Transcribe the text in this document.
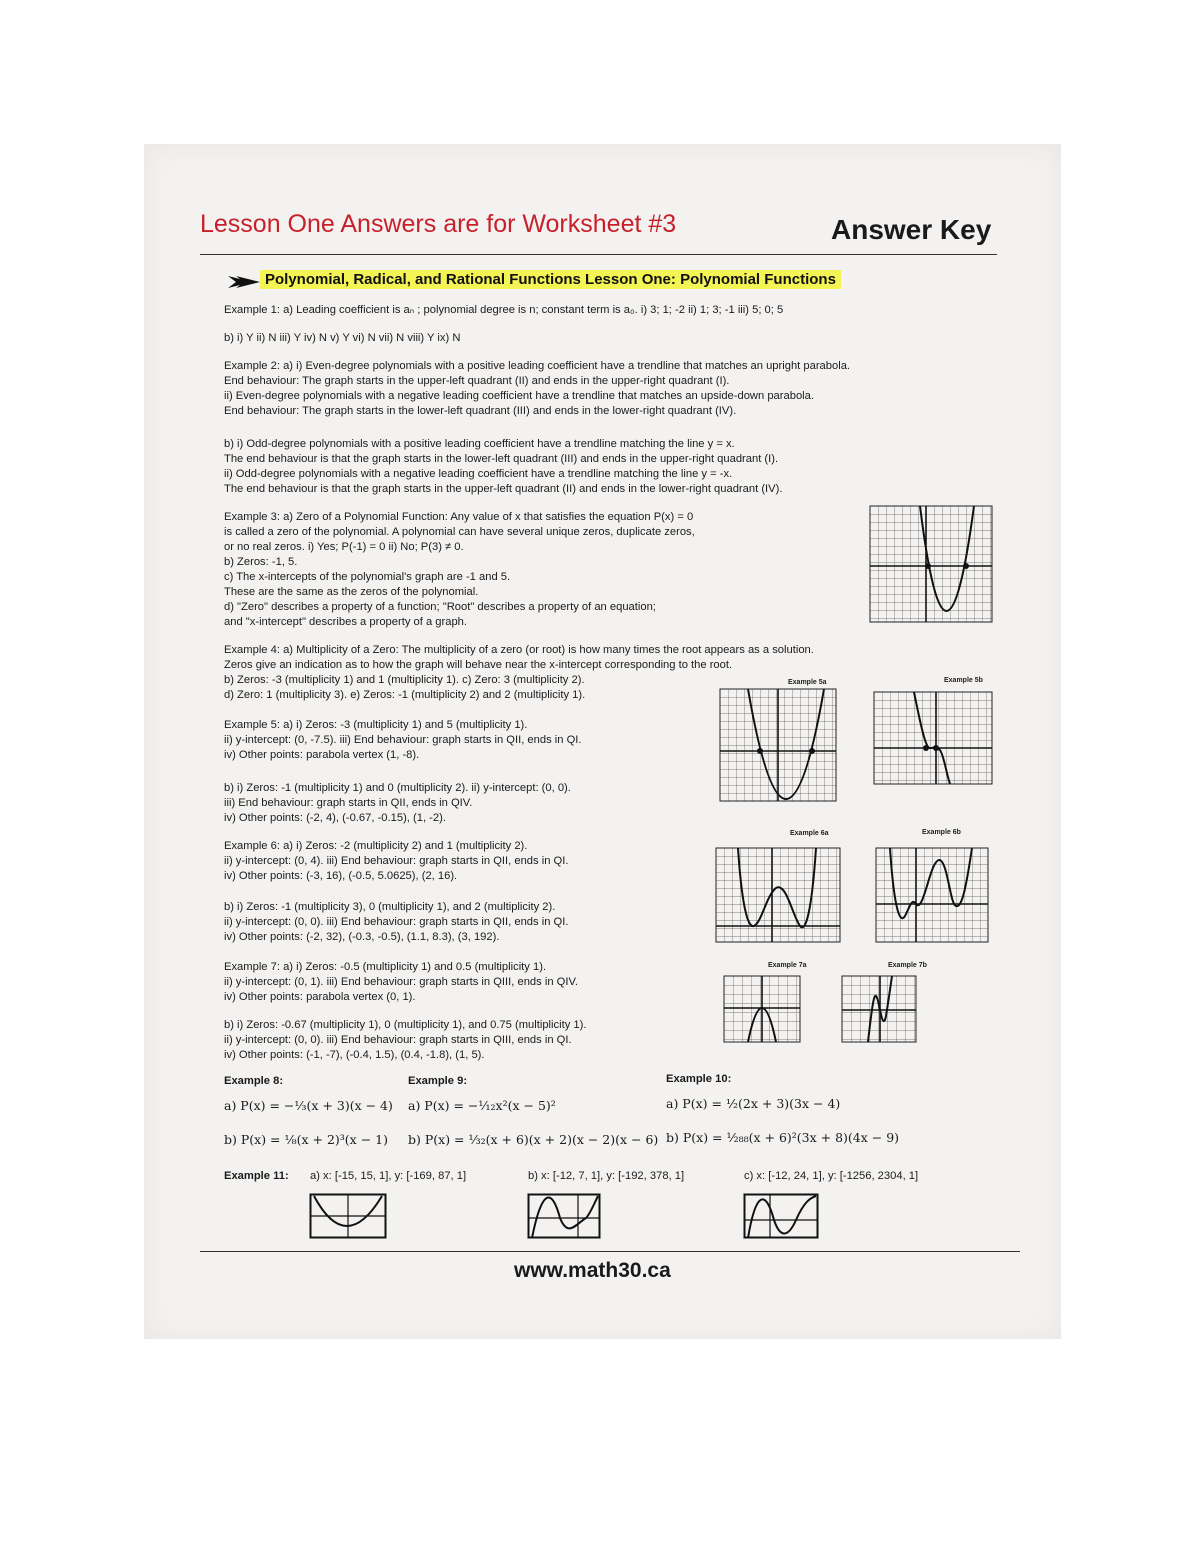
Lesson One Answers are for Worksheet #3	Answer Key
Polynomial, Radical, and Rational Functions Lesson One: Polynomial Functions
Example 1: a) Leading coefficient is aₙ ; polynomial degree is n; constant term is a₀. i) 3; 1; -2 ii) 1; 3; -1 iii) 5; 0; 5
b) i) Y ii) N iii) Y iv) N v) Y vi) N vii) N viii) Y ix) N
Example 2: a) i) Even-degree polynomials with a positive leading coefficient have a trendline that matches an upright parabola.
End behaviour: The graph starts in the upper-left quadrant (II) and ends in the upper-right quadrant (I).
ii) Even-degree polynomials with a negative leading coefficient have a trendline that matches an upside-down parabola.
End behaviour: The graph starts in the lower-left quadrant (III) and ends in the lower-right quadrant (IV).
b) i) Odd-degree polynomials with a positive leading coefficient have a trendline matching the line y = x.
The end behaviour is that the graph starts in the lower-left quadrant (III) and ends in the upper-right quadrant (I).
ii) Odd-degree polynomials with a negative leading coefficient have a trendline matching the line y = -x.
The end behaviour is that the graph starts in the upper-left quadrant (II) and ends in the lower-right quadrant (IV).
Example 3: a) Zero of a Polynomial Function: Any value of x that satisfies the equation P(x) = 0
is called a zero of the polynomial. A polynomial can have several unique zeros, duplicate zeros,
or no real zeros. i) Yes; P(-1) = 0 ii) No; P(3) ≠ 0.
b) Zeros: -1, 5.
c) The x-intercepts of the polynomial's graph are -1 and 5.
These are the same as the zeros of the polynomial.
d) "Zero" describes a property of a function; "Root" describes a property of an equation;
and "x-intercept" describes a property of a graph.
Example 4: a) Multiplicity of a Zero: The multiplicity of a zero (or root) is how many times the root appears as a solution.
Zeros give an indication as to how the graph will behave near the x-intercept corresponding to the root.
b) Zeros: -3 (multiplicity 1) and 1 (multiplicity 1). c) Zero: 3 (multiplicity 2).
d) Zero: 1 (multiplicity 3). e) Zeros: -1 (multiplicity 2) and 2 (multiplicity 1).
Example 5: a) i) Zeros: -3 (multiplicity 1) and 5 (multiplicity 1).
ii) y-intercept: (0, -7.5). iii) End behaviour: graph starts in QII, ends in QI.
iv) Other points: parabola vertex (1, -8).
b) i) Zeros: -1 (multiplicity 1) and 0 (multiplicity 2). ii) y-intercept: (0, 0).
iii) End behaviour: graph starts in QII, ends in QIV.
iv) Other points: (-2, 4), (-0.67, -0.15), (1, -2).
Example 6: a) i) Zeros: -2 (multiplicity 2) and 1 (multiplicity 2).
ii) y-intercept: (0, 4). iii) End behaviour: graph starts in QII, ends in QI.
iv) Other points: (-3, 16), (-0.5, 5.0625), (2, 16).
b) i) Zeros: -1 (multiplicity 3), 0 (multiplicity 1), and 2 (multiplicity 2).
ii) y-intercept: (0, 0). iii) End behaviour: graph starts in QII, ends in QI.
iv) Other points: (-2, 32), (-0.3, -0.5), (1.1, 8.3), (3, 192).
Example 7: a) i) Zeros: -0.5 (multiplicity 1) and 0.5 (multiplicity 1).
ii) y-intercept: (0, 1). iii) End behaviour: graph starts in QIII, ends in QIV.
iv) Other points: parabola vertex (0, 1).
b) i) Zeros: -0.67 (multiplicity 1), 0 (multiplicity 1), and 0.75 (multiplicity 1).
ii) y-intercept: (0, 0). iii) End behaviour: graph starts in QIII, ends in QI.
iv) Other points: (-1, -7), (-0.4, 1.5), (0.4, -1.8), (1, 5).
Example 8:
a) P(x) = −⅓(x + 3)(x − 4)
b) P(x) = ⅛(x + 2)³(x − 1)
Example 9:
a) P(x) = −¹⁄₁₂x²(x − 5)²
b) P(x) = ¹⁄₃₂(x + 6)(x + 2)(x − 2)(x − 6)
Example 10:
a) P(x) = ½(2x + 3)(3x − 4)
b) P(x) = ¹⁄₂₈₈(x + 6)²(3x + 8)(4x − 9)
Example 11: a) x: [-15, 15, 1], y: [-169, 87, 1]	b) x: [-12, 7, 1], y: [-192, 378, 1]	c) x: [-12, 24, 1], y: [-1256, 2304, 1]
Example 5a	Example 5b
Example 6a	Example 6b
Example 7a	Example 7b
www.math30.ca
